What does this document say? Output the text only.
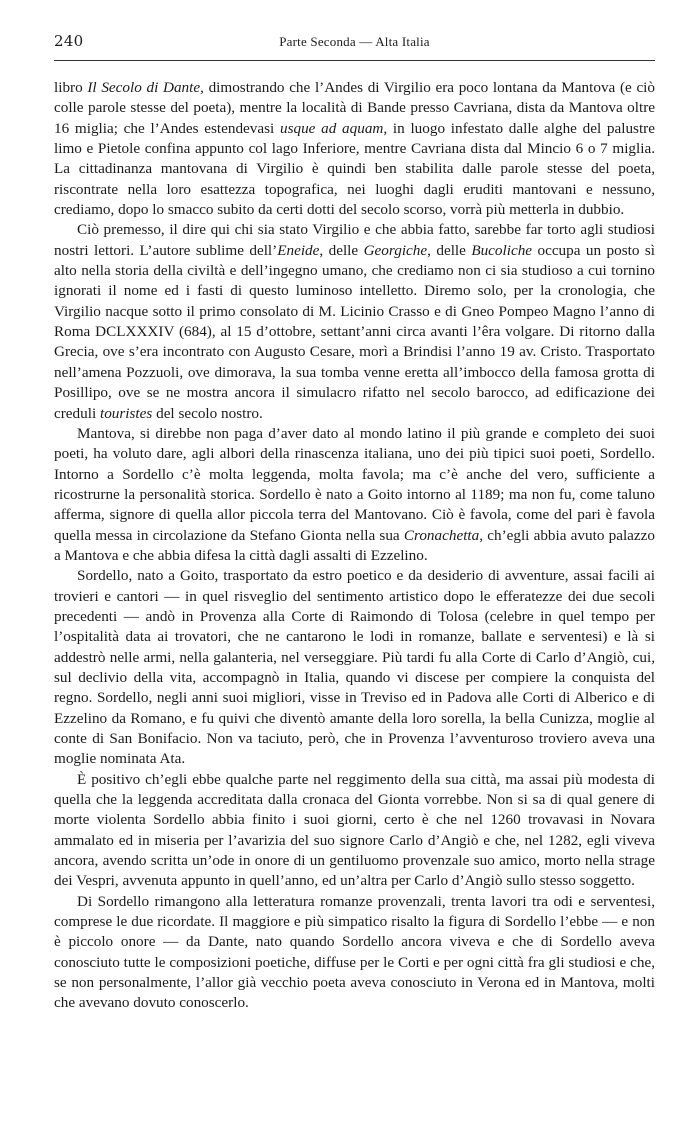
240	Parte Seconda — Alta Italia

libro Il Secolo di Dante, dimostrando che l’Andes di Virgilio era poco lontana da Mantova (e ciò colle parole stesse del poeta), mentre la località di Bande presso Cavriana, dista da Mantova oltre 16 miglia; che l’Andes estendevasi usque ad aquam, in luogo infestato dalle alghe del palustre limo e Pietole confina appunto col lago Inferiore, mentre Cavriana dista dal Mincio 6 o 7 miglia. La cittadinanza mantovana di Virgilio è quindi ben stabilita dalle parole stesse del poeta, riscontrate nella loro esattezza topografica, nei luoghi dagli eruditi mantovani e nessuno, crediamo, dopo lo smacco subito da certi dotti del secolo scorso, vorrà più metterla in dubbio.

Ciò premesso, il dire qui chi sia stato Virgilio e che abbia fatto, sarebbe far torto agli studiosi nostri lettori. L’autore sublime dell’Eneide, delle Georgiche, delle Bucoliche occupa un posto sì alto nella storia della civiltà e dell’ingegno umano, che crediamo non ci sia studioso a cui tornino ignorati il nome ed i fasti di questo luminoso intelletto. Diremo solo, per la cronologia, che Virgilio nacque sotto il primo consolato di M. Licinio Crasso e di Gneo Pompeo Magno l’anno di Roma DCLXXXIV (684), al 15 d’ottobre, settant’anni circa avanti l’êra volgare. Di ritorno dalla Grecia, ove s’era incontrato con Augusto Cesare, morì a Brindisi l’anno 19 av. Cristo. Trasportato nell’amena Pozzuoli, ove dimorava, la sua tomba venne eretta all’imbocco della famosa grotta di Posillipo, ove se ne mostra ancora il simulacro rifatto nel secolo barocco, ad edificazione dei creduli touristes del secolo nostro.

Mantova, si direbbe non paga d’aver dato al mondo latino il più grande e completo dei suoi poeti, ha voluto dare, agli albori della rinascenza italiana, uno dei più tipici suoi poeti, Sordello. Intorno a Sordello c’è molta leggenda, molta favola; ma c’è anche del vero, sufficiente a ricostrurne la personalità storica. Sordello è nato a Goito intorno al 1189; ma non fu, come taluno afferma, signore di quella allor piccola terra del Mantovano. Ciò è favola, come del pari è favola quella messa in circolazione da Stefano Gionta nella sua Cronachetta, ch’egli abbia avuto palazzo a Mantova e che abbia difesa la città dagli assalti di Ezzelino.

Sordello, nato a Goito, trasportato da estro poetico e da desiderio di avventure, assai facili ai trovieri e cantori — in quel risveglio del sentimento artistico dopo le efferatezze dei due secoli precedenti — andò in Provenza alla Corte di Raimondo di Tolosa (celebre in quel tempo per l’ospitalità data ai trovatori, che ne cantarono le lodi in romanze, ballate e serventesi) e là si addestrò nelle armi, nella galanteria, nel verseggiare. Più tardi fu alla Corte di Carlo d’Angiò, cui, sul declivio della vita, accompagnò in Italia, quando vi discese per compiere la conquista del regno. Sordello, negli anni suoi migliori, visse in Treviso ed in Padova alle Corti di Alberico e di Ezzelino da Romano, e fu quivi che diventò amante della loro sorella, la bella Cunizza, moglie al conte di San Bonifacio. Non va taciuto, però, che in Provenza l’avventuroso troviero aveva una moglie nominata Ata.

È positivo ch’egli ebbe qualche parte nel reggimento della sua città, ma assai più modesta di quella che la leggenda accreditata dalla cronaca del Gionta vorrebbe. Non si sa di qual genere di morte violenta Sordello abbia finito i suoi giorni, certo è che nel 1260 trovavasi in Novara ammalato ed in miseria per l’avarizia del suo signore Carlo d’Angiò e che, nel 1282, egli viveva ancora, avendo scritta un’ode in onore di un gentiluomo provenzale suo amico, morto nella strage dei Vespri, avvenuta appunto in quell’anno, ed un’altra per Carlo d’Angiò sullo stesso soggetto.

Di Sordello rimangono alla letteratura romanze provenzali, trenta lavori tra odi e serventesi, comprese le due ricordate. Il maggiore e più simpatico risalto la figura di Sordello l’ebbe — e non è piccolo onore — da Dante, nato quando Sordello ancora viveva e che di Sordello aveva conosciuto tutte le composizioni poetiche, diffuse per le Corti e per ogni città fra gli studiosi e che, se non personalmente, l’allor già vecchio poeta aveva conosciuto in Verona ed in Mantova, molti che avevano dovuto conoscerlo.
